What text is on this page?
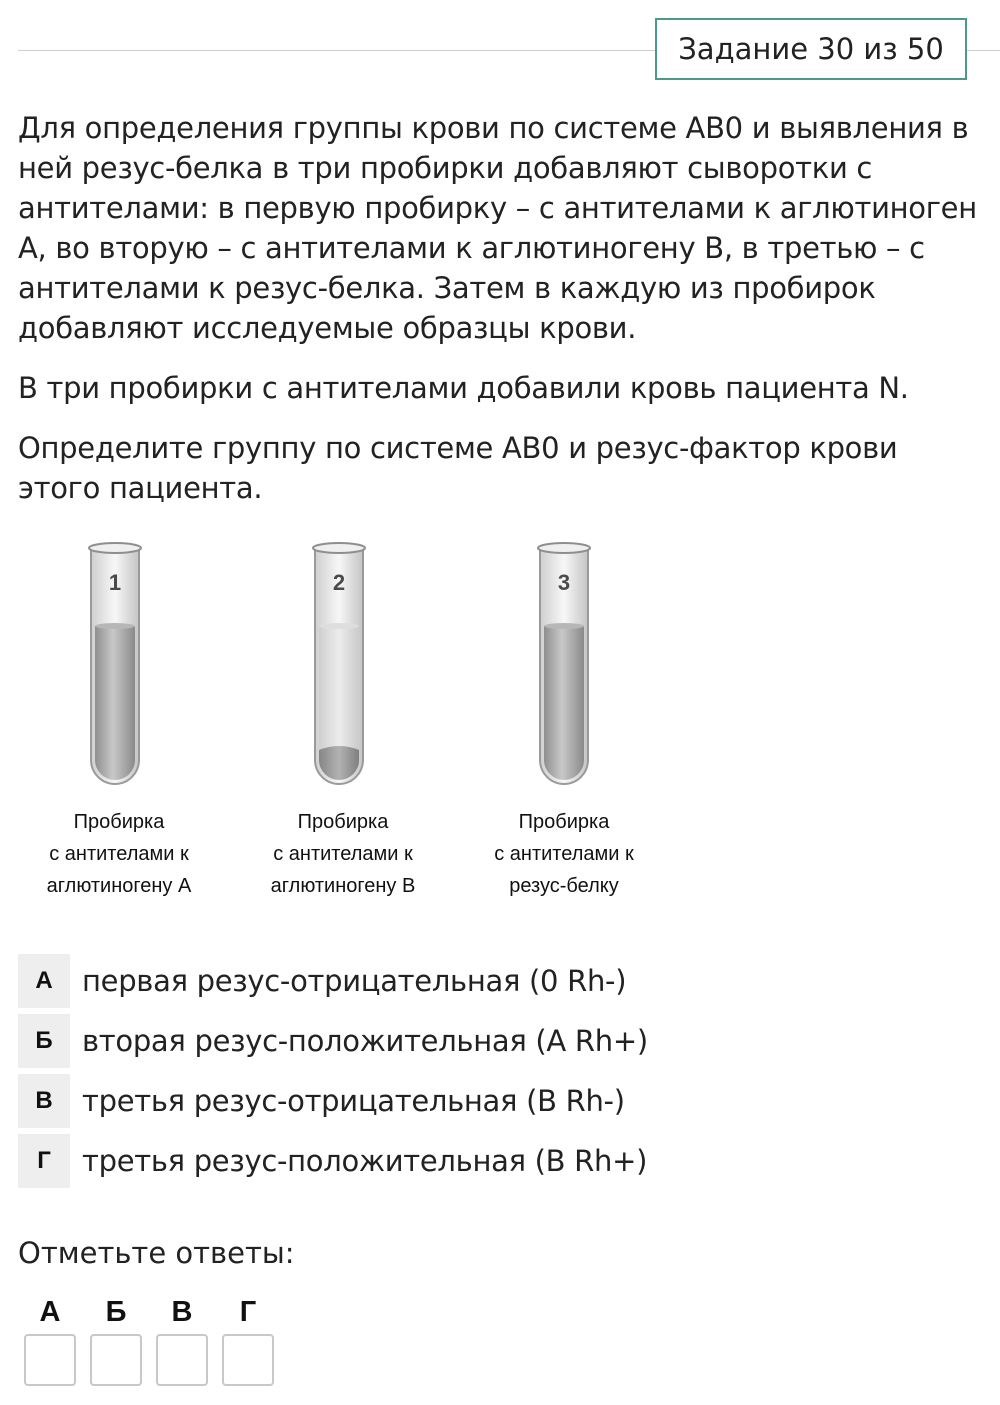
Задание 30 из 50

Для определения группы крови по системе АВ0 и выявления в ней резус-белка в три пробирки добавляют сыворотки с антителами: в первую пробирку – с антителами к аглютиноген А, во вторую – с антителами к аглютиногену В, в третью – с антителами к резус-белка. Затем в каждую из пробирок добавляют исследуемые образцы крови.

В три пробирки с антителами добавили кровь пациента N.

Определите группу по системе АВ0 и резус-фактор крови этого пациента.

1
Пробирка
с антителами к
аглютиногену А
2
Пробирка
с антителами к
аглютиногену В
3
Пробирка
с антителами к
резус-белку
А	первая резус-отрицательная (0 Rh-)
Б	вторая резус-положительная (А Rh+)
В	третья резус-отрицательная (В Rh-)
Г	третья резус-положительная (В Rh+)
Отметьте ответы:
А	Б	В	Г
